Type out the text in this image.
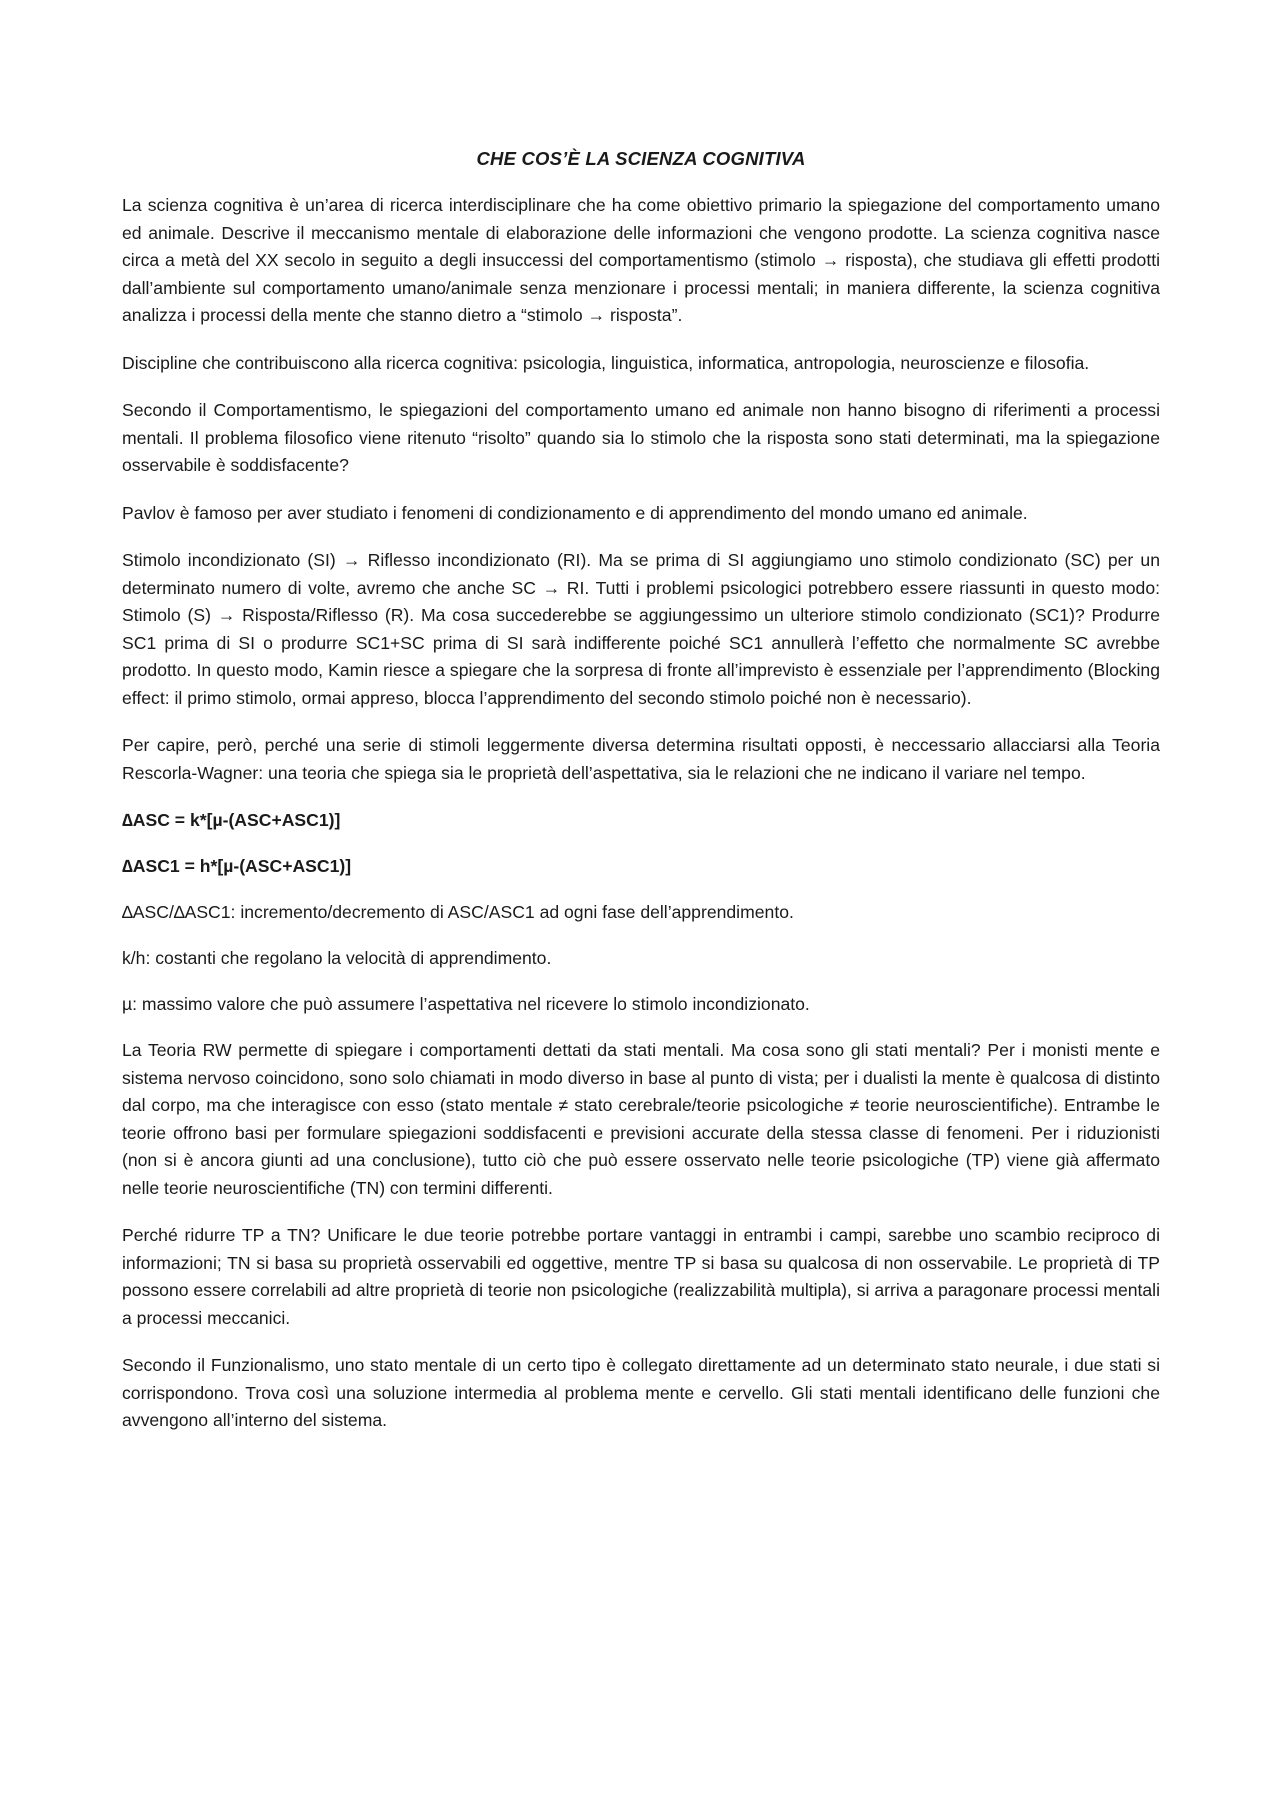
CHE COS’È LA SCIENZA COGNITIVA

La scienza cognitiva è un’area di ricerca interdisciplinare che ha come obiettivo primario la spiegazione del comportamento umano ed animale. Descrive il meccanismo mentale di elaborazione delle informazioni che vengono prodotte. La scienza cognitiva nasce circa a metà del XX secolo in seguito a degli insuccessi del comportamentismo (stimolo → risposta), che studiava gli effetti prodotti dall’ambiente sul comportamento umano/animale senza menzionare i processi mentali; in maniera differente, la scienza cognitiva analizza i processi della mente che stanno dietro a “stimolo → risposta”.

Discipline che contribuiscono alla ricerca cognitiva: psicologia, linguistica, informatica, antropologia, neuroscienze e filosofia.

Secondo il Comportamentismo, le spiegazioni del comportamento umano ed animale non hanno bisogno di riferimenti a processi mentali. Il problema filosofico viene ritenuto “risolto” quando sia lo stimolo che la risposta sono stati determinati, ma la spiegazione osservabile è soddisfacente?

Pavlov è famoso per aver studiato i fenomeni di condizionamento e di apprendimento del mondo umano ed animale.

Stimolo incondizionato (SI) → Riflesso incondizionato (RI). Ma se prima di SI aggiungiamo uno stimolo condizionato (SC) per un determinato numero di volte, avremo che anche SC → RI. Tutti i problemi psicologici potrebbero essere riassunti in questo modo: Stimolo (S) → Risposta/Riflesso (R). Ma cosa succederebbe se aggiungessimo un ulteriore stimolo condizionato (SC1)? Produrre SC1 prima di SI o produrre SC1+SC prima di SI sarà indifferente poiché SC1 annullerà l’effetto che normalmente SC avrebbe prodotto. In questo modo, Kamin riesce a spiegare che la sorpresa di fronte all’imprevisto è essenziale per l’apprendimento (Blocking effect: il primo stimolo, ormai appreso, blocca l’apprendimento del secondo stimolo poiché non è necessario).

Per capire, però, perché una serie di stimoli leggermente diversa determina risultati opposti, è neccessario allacciarsi alla Teoria Rescorla-Wagner: una teoria che spiega sia le proprietà dell’aspettativa, sia le relazioni che ne indicano il variare nel tempo.

∆ASC = k*[µ-(ASC+ASC1)]
∆ASC1 = h*[µ-(ASC+ASC1)]
∆ASC/∆ASC1: incremento/decremento di ASC/ASC1 ad ogni fase dell’apprendimento.
k/h: costanti che regolano la velocità di apprendimento.
µ: massimo valore che può assumere l’aspettativa nel ricevere lo stimolo incondizionato.

La Teoria RW permette di spiegare i comportamenti dettati da stati mentali. Ma cosa sono gli stati mentali? Per i monisti mente e sistema nervoso coincidono, sono solo chiamati in modo diverso in base al punto di vista; per i dualisti la mente è qualcosa di distinto dal corpo, ma che interagisce con esso (stato mentale ≠ stato cerebrale/teorie psicologiche ≠ teorie neuroscientifiche). Entrambe le teorie offrono basi per formulare spiegazioni soddisfacenti e previsioni accurate della stessa classe di fenomeni. Per i riduzionisti (non si è ancora giunti ad una conclusione), tutto ciò che può essere osservato nelle teorie psicologiche (TP) viene già affermato nelle teorie neuroscientifiche (TN) con termini differenti.

Perché ridurre TP a TN? Unificare le due teorie potrebbe portare vantaggi in entrambi i campi, sarebbe uno scambio reciproco di informazioni; TN si basa su proprietà osservabili ed oggettive, mentre TP si basa su qualcosa di non osservabile. Le proprietà di TP possono essere correlabili ad altre proprietà di teorie non psicologiche (realizzabilità multipla), si arriva a paragonare processi mentali a processi meccanici.

Secondo il Funzionalismo, uno stato mentale di un certo tipo è collegato direttamente ad un determinato stato neurale, i due stati si corrispondono. Trova così una soluzione intermedia al problema mente e cervello. Gli stati mentali identificano delle funzioni che avvengono all’interno del sistema.
